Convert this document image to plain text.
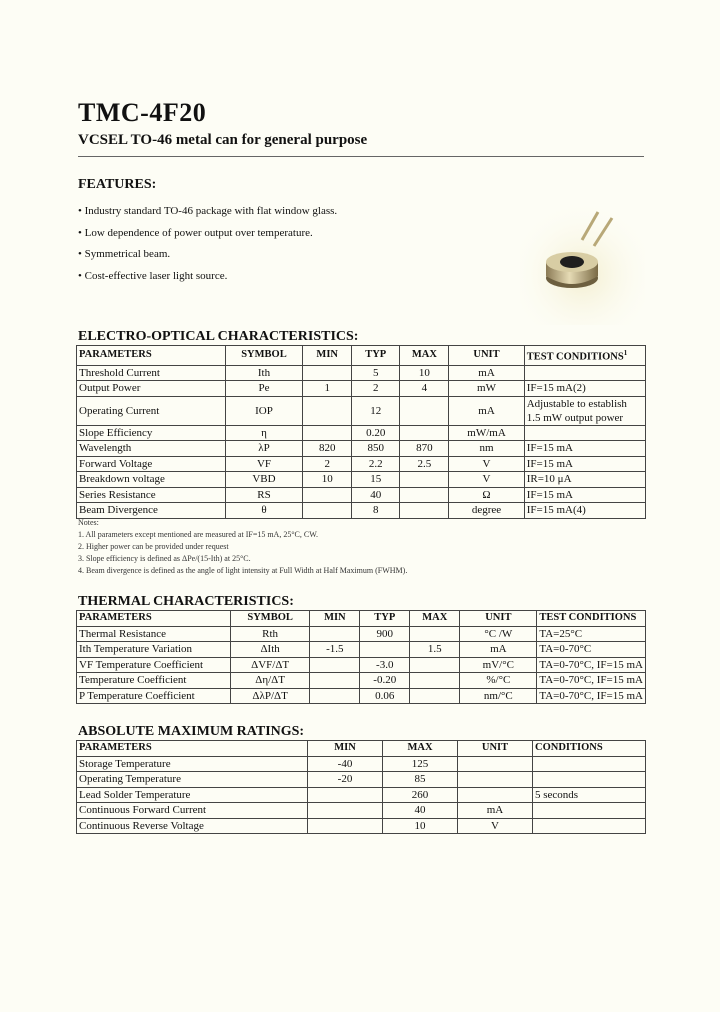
TMC-4F20
VCSEL TO-46 metal can for general purpose
FEATURES:
• Industry standard TO-46 package with flat window glass.
• Low dependence of power output over temperature.
• Symmetrical beam.
• Cost-effective laser light source.
ELECTRO-OPTICAL CHARACTERISTICS:
PARAMETERS	SYMBOL	MIN	TYP	MAX	UNIT	TEST CONDITIONS$^1$
Threshold Current	Ith		5	10	mA	
Output Power	Pe	1	2	4	mW	IF=15 mA(2)
Operating Current	IOP		12		mA	Adjustable to establish 1.5 mW output power
Slope Efficiency	η		0.20		mW/mA	
Wavelength	λP	820	850	870	nm	IF=15 mA
Forward Voltage	VF	2	2.2	2.5	V	IF=15 mA
Breakdown voltage	VBD	10	15		V	IR=10 μA
Series Resistance	RS		40		Ω	IF=15 mA
Beam Divergence	θ		8		degree	IF=15 mA(4)
Notes:
1. All parameters except mentioned are measured at IF=15 mA, 25°C, CW.
2. Higher power can be provided under request
3. Slope efficiency is defined as ΔPe/(15-Ith) at 25°C.
4. Beam divergence is defined as the angle of light intensity at Full Width at Half Maximum (FWHM).
THERMAL CHARACTERISTICS:
PARAMETERS	SYMBOL	MIN	TYP	MAX	UNIT	TEST CONDITIONS
Thermal Resistance	Rth		900		°C /W	TA=25°C
Ith Temperature Variation	ΔIth	-1.5		1.5	mA	TA=0-70°C
VF Temperature Coefficient	ΔVF/ΔT		-3.0		mV/°C	TA=0-70°C, IF=15 mA
Temperature Coefficient	Δη/ΔT		-0.20		%/°C	TA=0-70°C, IF=15 mA
P Temperature Coefficient	ΔλP/ΔT		0.06		nm/°C	TA=0-70°C, IF=15 mA
ABSOLUTE MAXIMUM RATINGS:
PARAMETERS	MIN	MAX	UNIT	CONDITIONS
Storage Temperature	-40	125		
Operating Temperature	-20	85		
Lead Solder Temperature		260		5 seconds
Continuous Forward Current		40	mA	
Continuous Reverse Voltage		10	V	
